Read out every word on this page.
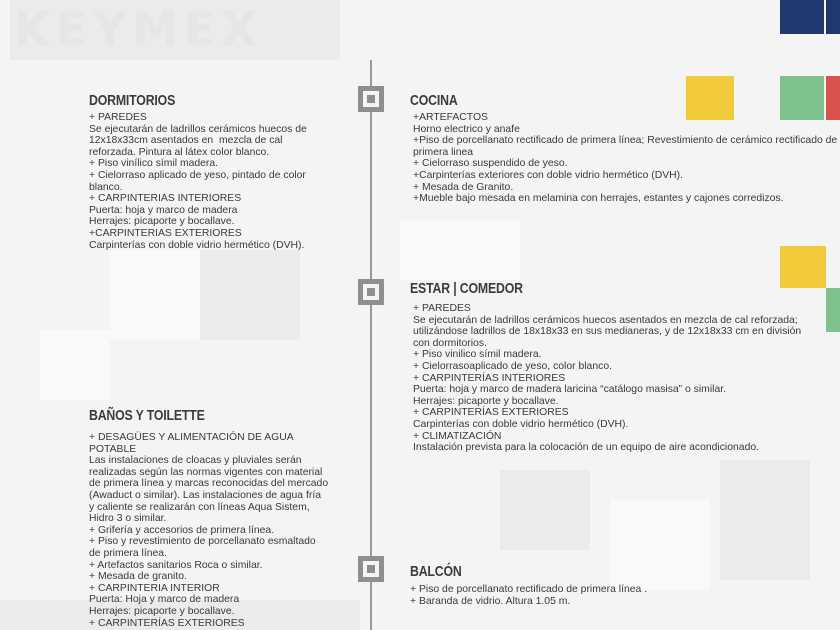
KEYMEX
DORMITORIOS
+ PAREDES
Se ejecutarán de ladrillos cerámicos huecos de
12x18x33cm asentados en  mezcla de cal
reforzada. Pintura al látex color blanco.
+ Piso vinílico símil madera.
+ Cielorraso aplicado de yeso, pintado de color
blanco.
+ CARPINTERIAS INTERIORES
Puerta: hoja y marco de madera
Herrajes: picaporte y bocallave.
+CARPINTERIAS EXTERIORES
Carpinterías con doble vidrio hermético (DVH).
BAÑOS Y TOILETTE
+ DESAGÜES Y ALIMENTACIÓN DE AGUA
POTABLE
Las instalaciones de cloacas y pluviales serán
realizadas según las normas vigentes con material
de primera línea y marcas reconocidas del mercado
(Awaduct o similar). Las instalaciones de agua fría
y caliente se realizarán con líneas Aqua Sistem,
Hidro 3 o similar.
+ Grifería y accesorios de primera línea.
+ Piso y revestimiento de porcellanato esmaltado
de primera línea.
+ Artefactos sanitarios Roca o similar.
+ Mesada de granito.
+ CARPINTERIA INTERIOR
Puerta: Hoja y marco de madera
Herrajes: picaporte y bocallave.
+ CARPINTERÍAS EXTERIORES
COCINA
+ARTEFACTOS
Horno electrico y anafe
+Piso de porcellanato rectificado de primera línea; Revestimiento de cerámico rectificado de
primera linea
+ Cielorraso suspendido de yeso.
+Carpinterías exteriores con doble vidrio hermético (DVH).
+ Mesada de Granito.
+Mueble bajo mesada en melamina con herrajes, estantes y cajones corredizos.
ESTAR | COMEDOR
+ PAREDES
Se ejecutarán de ladrillos cerámicos huecos asentados en mezcla de cal reforzada;
utilizándose ladrillos de 18x18x33 en sus medianeras, y de 12x18x33 cm en división
con dormitorios.
+ Piso vinilico símil madera.
+ Cielorrasoaplicado de yeso, color blanco.
+ CARPINTERÍAS INTERIORES
Puerta: hoja y marco de madera laricina “catálogo masisa” o similar.
Herrajes: picaporte y bocallave.
+ CARPINTERÍAS EXTERIORES
Carpinterías con doble vidrio hermético (DVH).
+ CLIMATIZACIÓN
Instalación prevista para la colocación de un equipo de aire acondicionado.
BALCÓN
+ Piso de porcellanato rectificado de primera línea .
+ Baranda de vidrio. Altura 1.05 m.
